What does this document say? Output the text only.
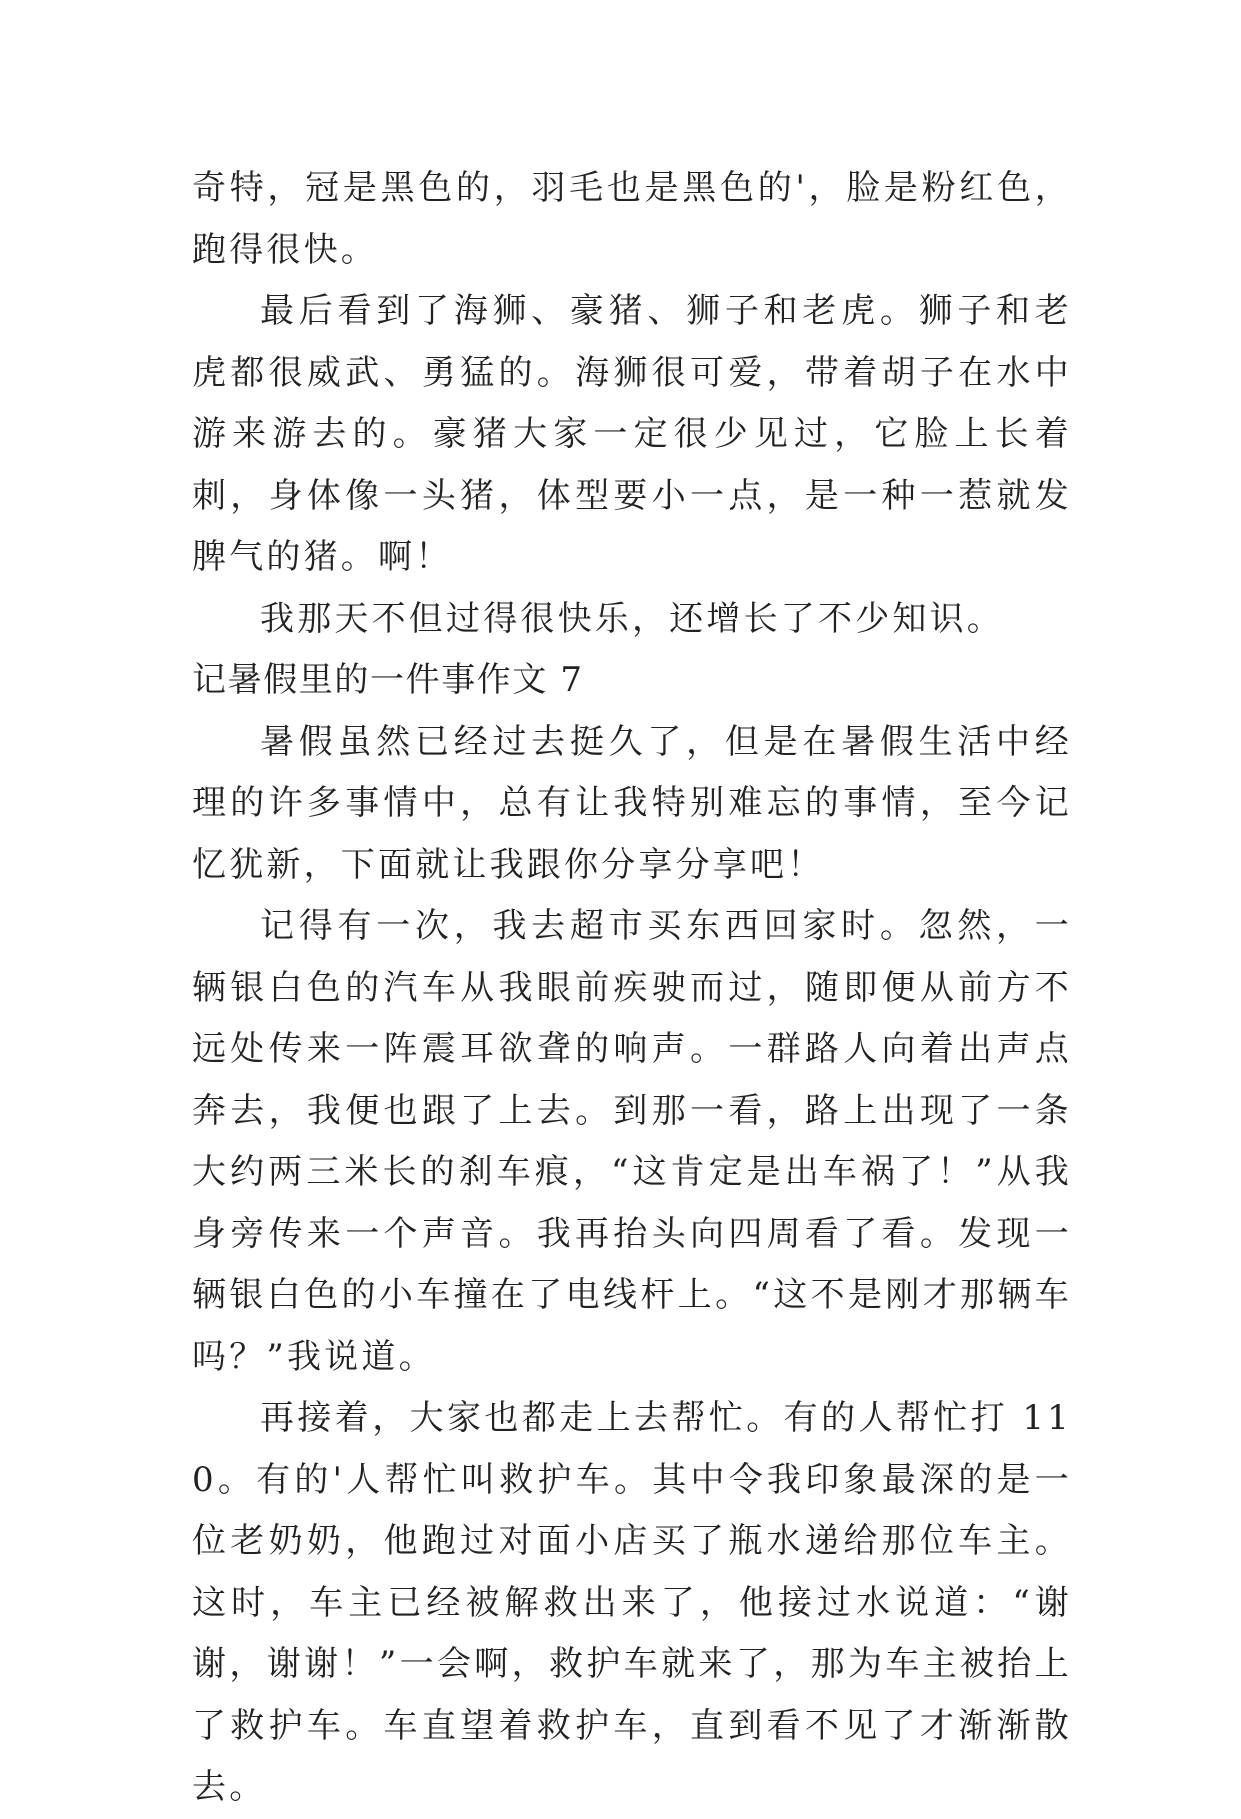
奇特，冠是黑色的，羽毛也是黑色的'，脸是粉红色，跑得很快。

最后看到了海狮、豪猪、狮子和老虎。狮子和老虎都很威武、勇猛的。海狮很可爱，带着胡子在水中游来游去的。豪猪大家一定很少见过，它脸上长着刺，身体像一头猪，体型要小一点，是一种一惹就发脾气的猪。啊！

我那天不但过得很快乐，还增长了不少知识。

记暑假里的一件事作文 7

暑假虽然已经过去挺久了，但是在暑假生活中经理的许多事情中，总有让我特别难忘的事情，至今记忆犹新，下面就让我跟你分享分享吧！

记得有一次，我去超市买东西回家时。忽然，一辆银白色的汽车从我眼前疾驶而过，随即便从前方不远处传来一阵震耳欲聋的响声。一群路人向着出声点奔去，我便也跟了上去。到那一看，路上出现了一条大约两三米长的刹车痕，“这肯定是出车祸了！”从我身旁传来一个声音。我再抬头向四周看了看。发现一辆银白色的小车撞在了电线杆上。“这不是刚才那辆车吗？”我说道。

再接着，大家也都走上去帮忙。有的人帮忙打 110。有的'人帮忙叫救护车。其中令我印象最深的是一位老奶奶，他跑过对面小店买了瓶水递给那位车主。这时，车主已经被解救出来了，他接过水说道：“谢谢，谢谢！”一会啊，救护车就来了，那为车主被抬上了救护车。车直望着救护车，直到看不见了才渐渐散去。
